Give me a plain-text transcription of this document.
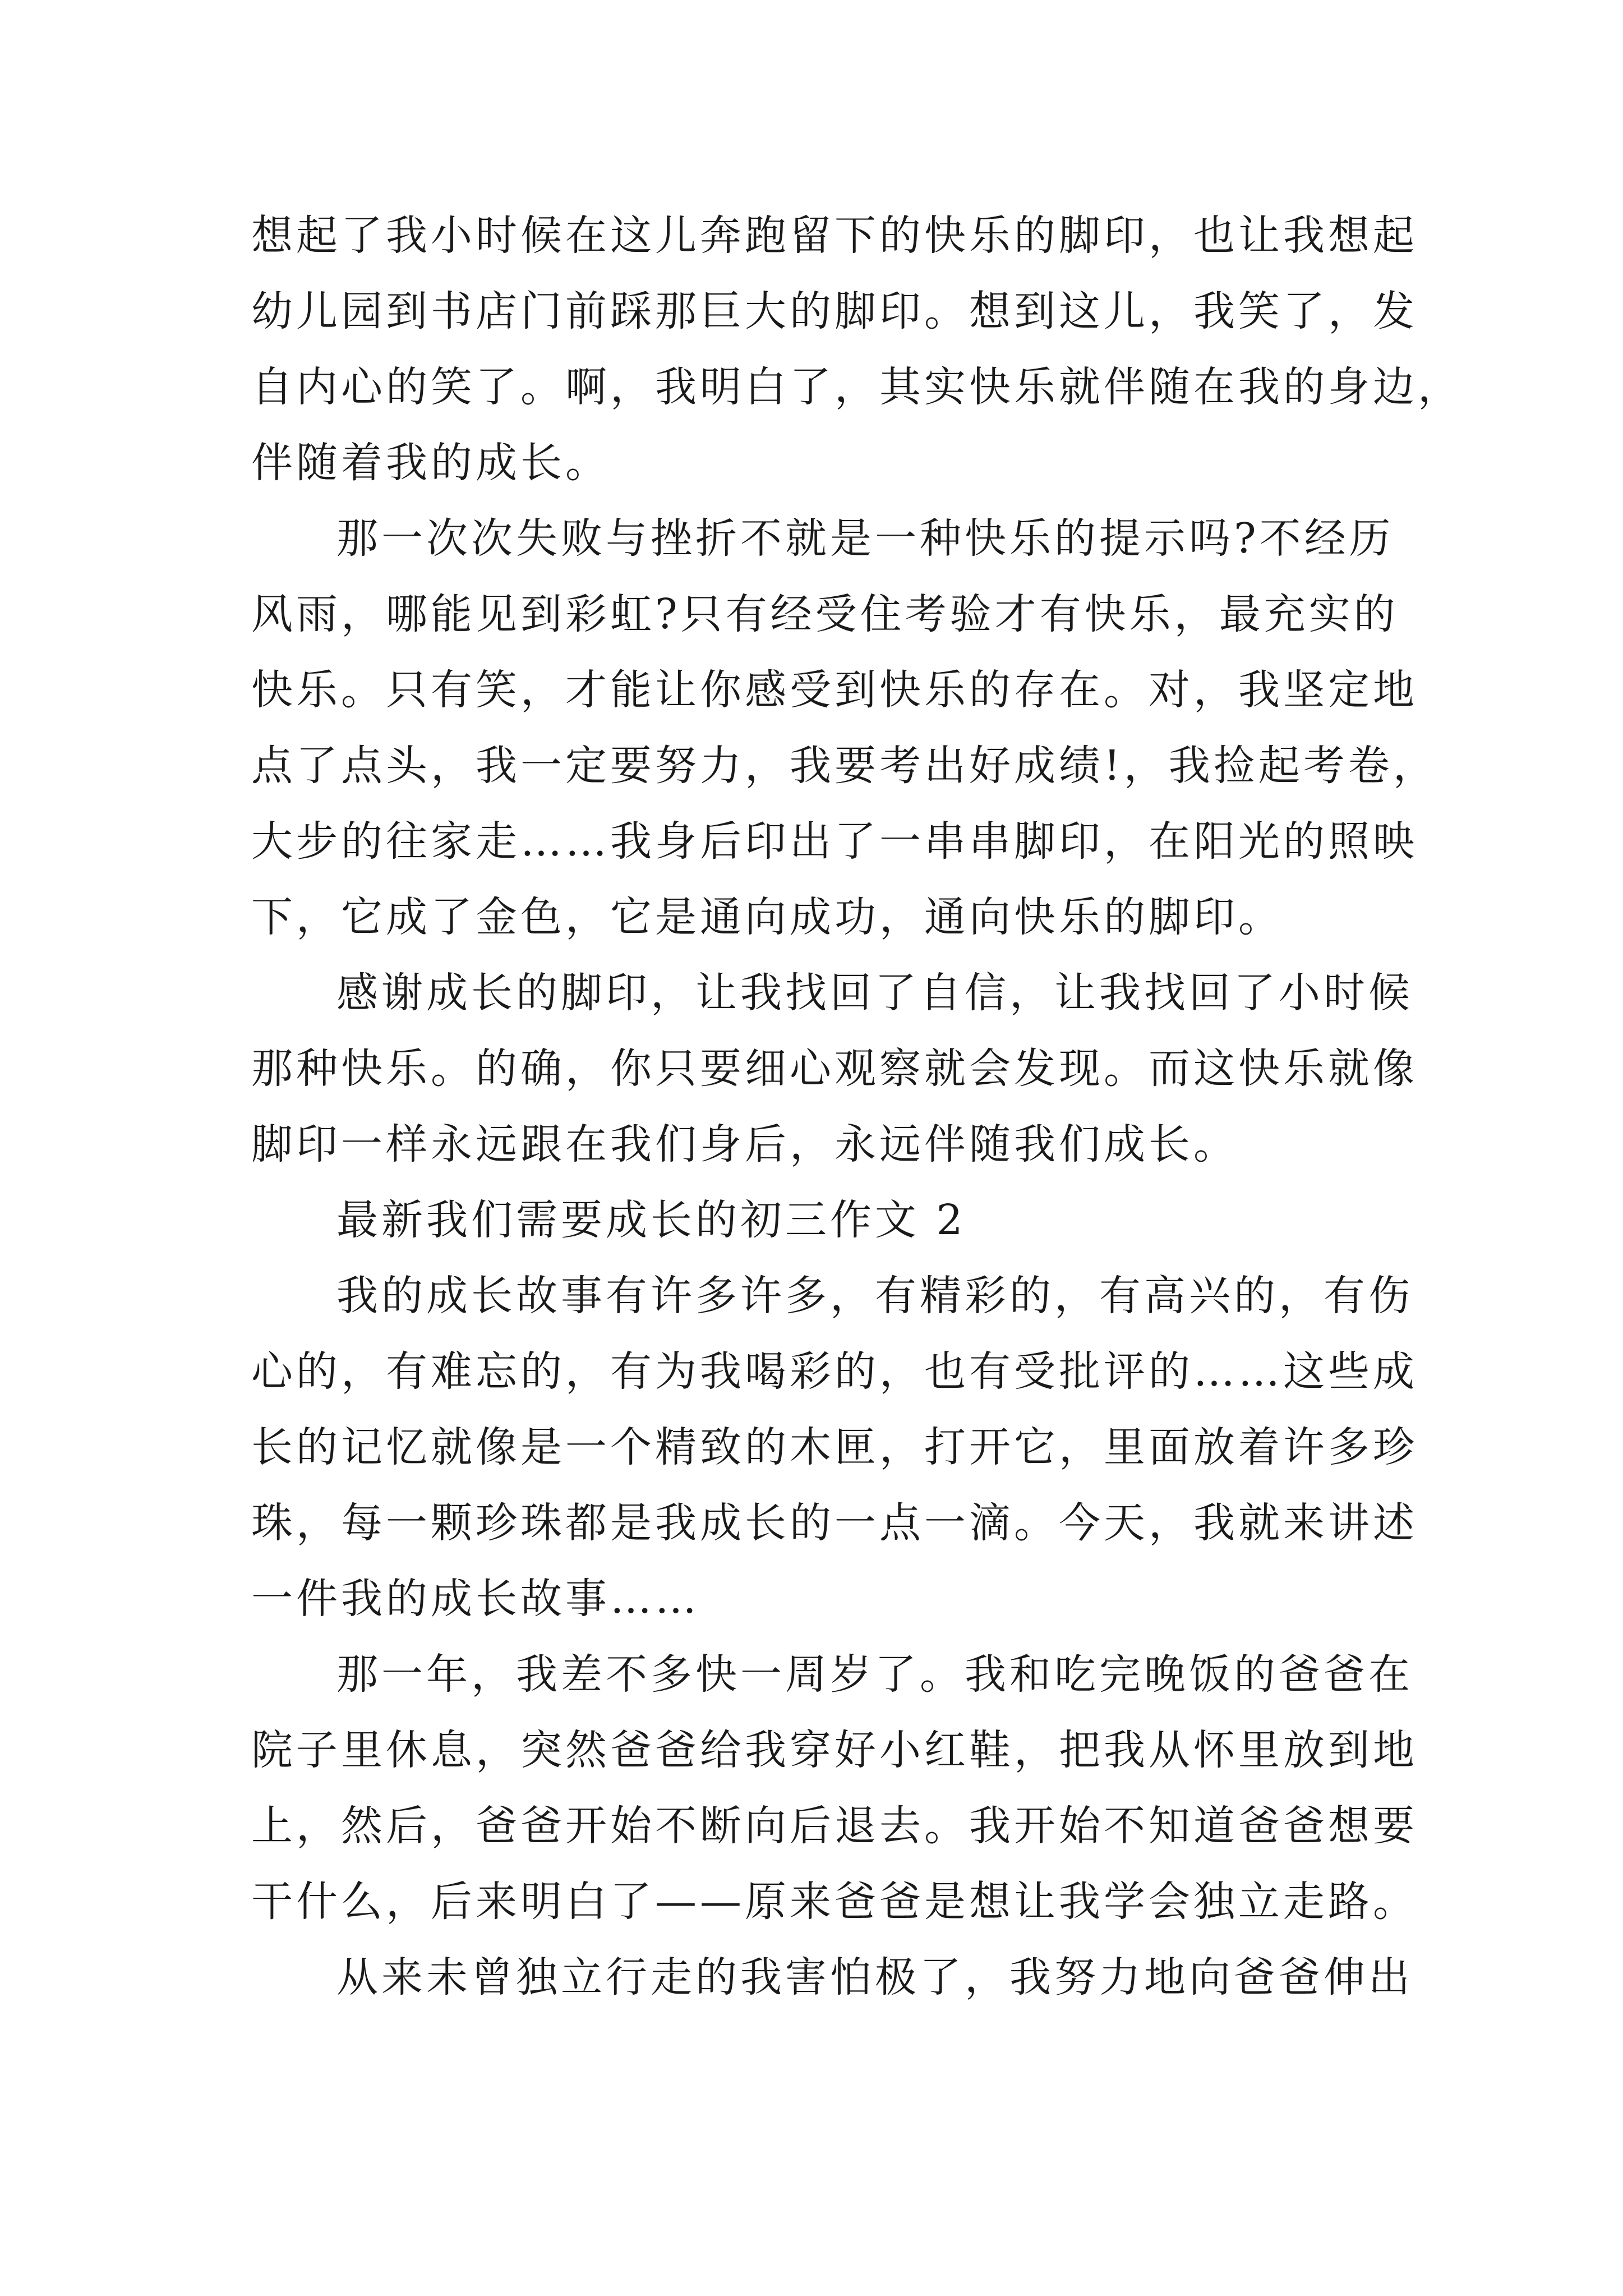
想起了我小时候在这儿奔跑留下的快乐的脚印，也让我想起
幼儿园到书店门前踩那巨大的脚印。想到这儿，我笑了，发
自内心的笑了。啊，我明白了，其实快乐就伴随在我的身边，
伴随着我的成长。
那一次次失败与挫折不就是一种快乐的提示吗?不经历
风雨，哪能见到彩虹?只有经受住考验才有快乐，最充实的
快乐。只有笑，才能让你感受到快乐的存在。对，我坚定地
点了点头，我一定要努力，我要考出好成绩!，我捡起考卷，
大步的往家走……我身后印出了一串串脚印，在阳光的照映
下，它成了金色，它是通向成功，通向快乐的脚印。
感谢成长的脚印，让我找回了自信，让我找回了小时候
那种快乐。的确，你只要细心观察就会发现。而这快乐就像
脚印一样永远跟在我们身后，永远伴随我们成长。
最新我们需要成长的初三作文 2
我的成长故事有许多许多，有精彩的，有高兴的，有伤
心的，有难忘的，有为我喝彩的，也有受批评的……这些成
长的记忆就像是一个精致的木匣，打开它，里面放着许多珍
珠，每一颗珍珠都是我成长的一点一滴。今天，我就来讲述
一件我的成长故事……
那一年，我差不多快一周岁了。我和吃完晚饭的爸爸在
院子里休息，突然爸爸给我穿好小红鞋，把我从怀里放到地
上，然后，爸爸开始不断向后退去。我开始不知道爸爸想要
干什么，后来明白了——原来爸爸是想让我学会独立走路。
从来未曾独立行走的我害怕极了，我努力地向爸爸伸出
